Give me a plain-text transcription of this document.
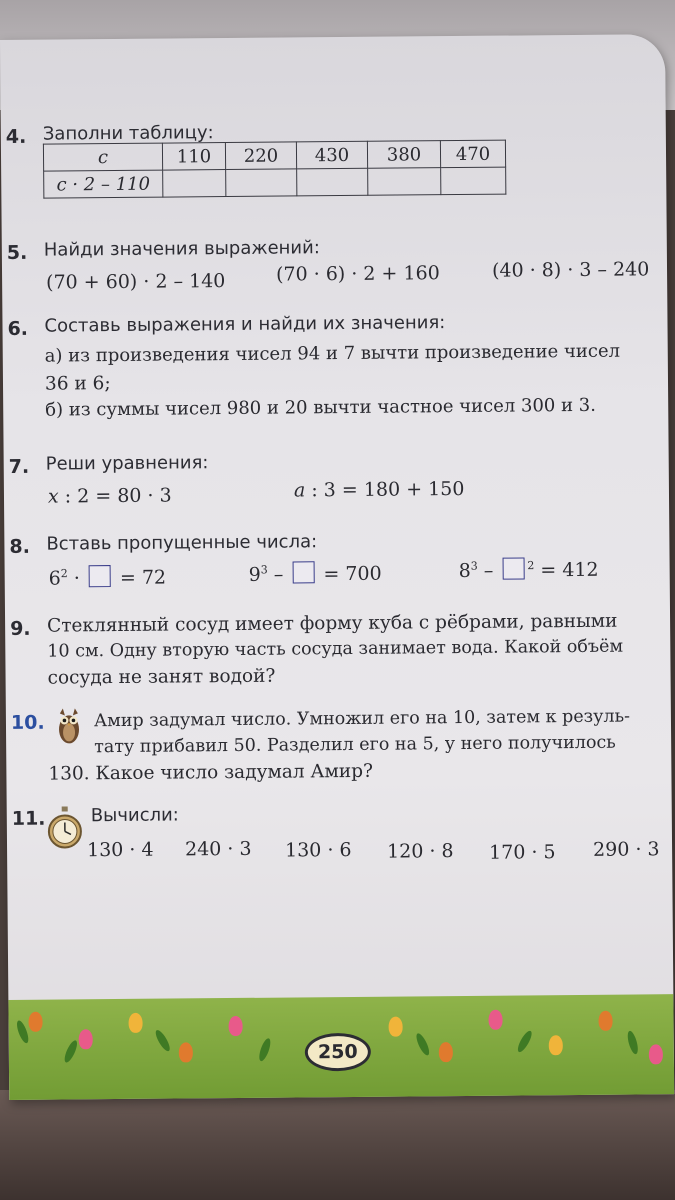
4. Заполни таблицу:
c	110	220	430	380	470
c · 2 – 110					
5. Найди значения выражений:
(70 + 60) · 2 – 140	(70 · 6) · 2 + 160	(40 · 8) · 3 – 240
6. Составь выражения и найди их значения:
а) из произведения чисел 94 и 7 вычти произведение чисел
36 и 6;
б) из суммы чисел 980 и 20 вычти частное чисел 300 и 3.
7. Реши уравнения:
x : 2 = 80 · 3	a : 3 = 180 + 150
8. Вставь пропущенные числа:
$6^2$ ·  = 72	$9^3$ –  = 700	$8^3$ –	$^2$ = 412
9. Стеклянный сосуд имеет форму куба с рёбрами, равными
10 см. Одну вторую часть сосуда занимает вода. Какой объём
сосуда не занят водой?
10.	Амир задумал число. Умножил его на 10, затем к резуль-
тату прибавил 50. Разделил его на 5, у него получилось
130. Какое число задумал Амир?
11.	Вычисли:
130 · 4 240 · 3 130 · 6 120 · 8 170 · 5 290 · 3
250
